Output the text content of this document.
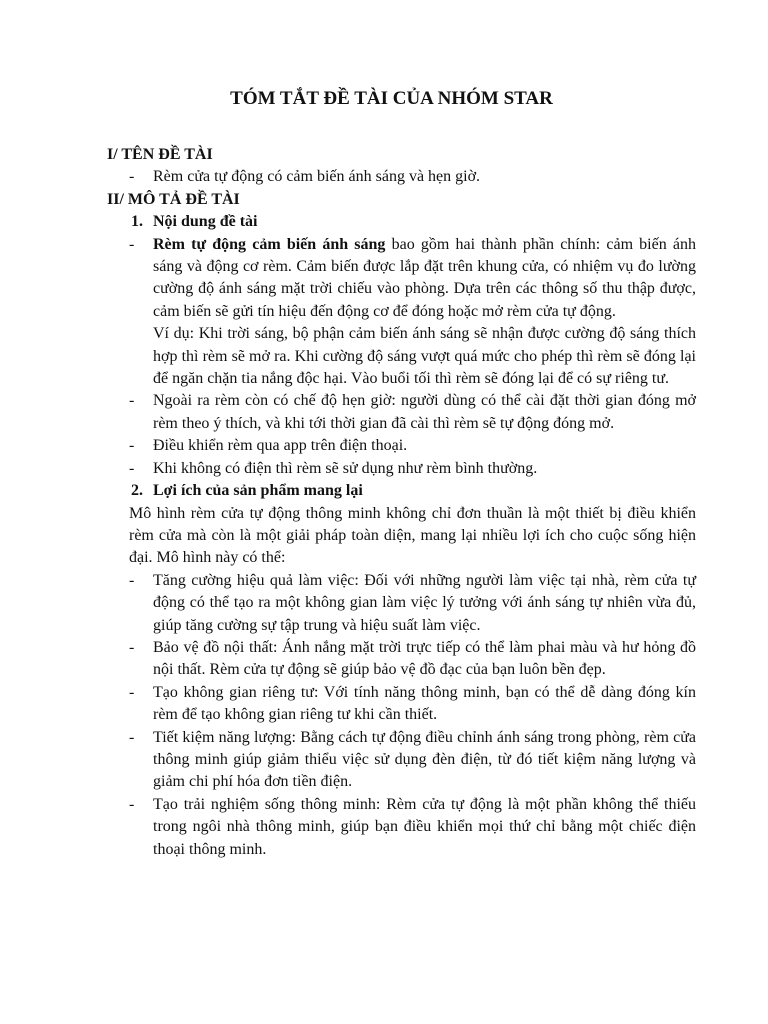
TÓM TẮT ĐỀ TÀI CỦA NHÓM STAR
I/ TÊN ĐỀ TÀI
- Rèm cửa tự động có cảm biến ánh sáng và hẹn giờ.
II/ MÔ TẢ ĐỀ TÀI
1. Nội dung đề tài
- Rèm tự động cảm biến ánh sáng bao gồm hai thành phần chính: cảm biến ánh sáng và động cơ rèm. Cảm biến được lắp đặt trên khung cửa, có nhiệm vụ đo lường cường độ ánh sáng mặt trời chiếu vào phòng. Dựa trên các thông số thu thập được, cảm biến sẽ gửi tín hiệu đến động cơ để đóng hoặc mở rèm cửa tự động.
Ví dụ: Khi trời sáng, bộ phận cảm biến ánh sáng sẽ nhận được cường độ sáng thích hợp thì rèm sẽ mở ra. Khi cường độ sáng vượt quá mức cho phép thì rèm sẽ đóng lại để ngăn chặn tia nắng độc hại. Vào buổi tối thì rèm sẽ đóng lại để có sự riêng tư.
- Ngoài ra rèm còn có chế độ hẹn giờ: người dùng có thể cài đặt thời gian đóng mở rèm theo ý thích, và khi tới thời gian đã cài thì rèm sẽ tự động đóng mở.
- Điều khiển rèm qua app trên điện thoại.
- Khi không có điện thì rèm sẽ sử dụng như rèm bình thường.
2. Lợi ích của sản phẩm mang lại
Mô hình rèm cửa tự động thông minh không chỉ đơn thuần là một thiết bị điều khiển rèm cửa mà còn là một giải pháp toàn diện, mang lại nhiều lợi ích cho cuộc sống hiện đại. Mô hình này có thể:
- Tăng cường hiệu quả làm việc: Đối với những người làm việc tại nhà, rèm cửa tự động có thể tạo ra một không gian làm việc lý tưởng với ánh sáng tự nhiên vừa đủ, giúp tăng cường sự tập trung và hiệu suất làm việc.
- Bảo vệ đồ nội thất: Ánh nắng mặt trời trực tiếp có thể làm phai màu và hư hỏng đồ nội thất. Rèm cửa tự động sẽ giúp bảo vệ đồ đạc của bạn luôn bền đẹp.
- Tạo không gian riêng tư: Với tính năng thông minh, bạn có thể dễ dàng đóng kín rèm để tạo không gian riêng tư khi cần thiết.
- Tiết kiệm năng lượng: Bằng cách tự động điều chỉnh ánh sáng trong phòng, rèm cửa thông minh giúp giảm thiểu việc sử dụng đèn điện, từ đó tiết kiệm năng lượng và giảm chi phí hóa đơn tiền điện.
- Tạo trải nghiệm sống thông minh: Rèm cửa tự động là một phần không thể thiếu trong ngôi nhà thông minh, giúp bạn điều khiển mọi thứ chỉ bằng một chiếc điện thoại thông minh.
